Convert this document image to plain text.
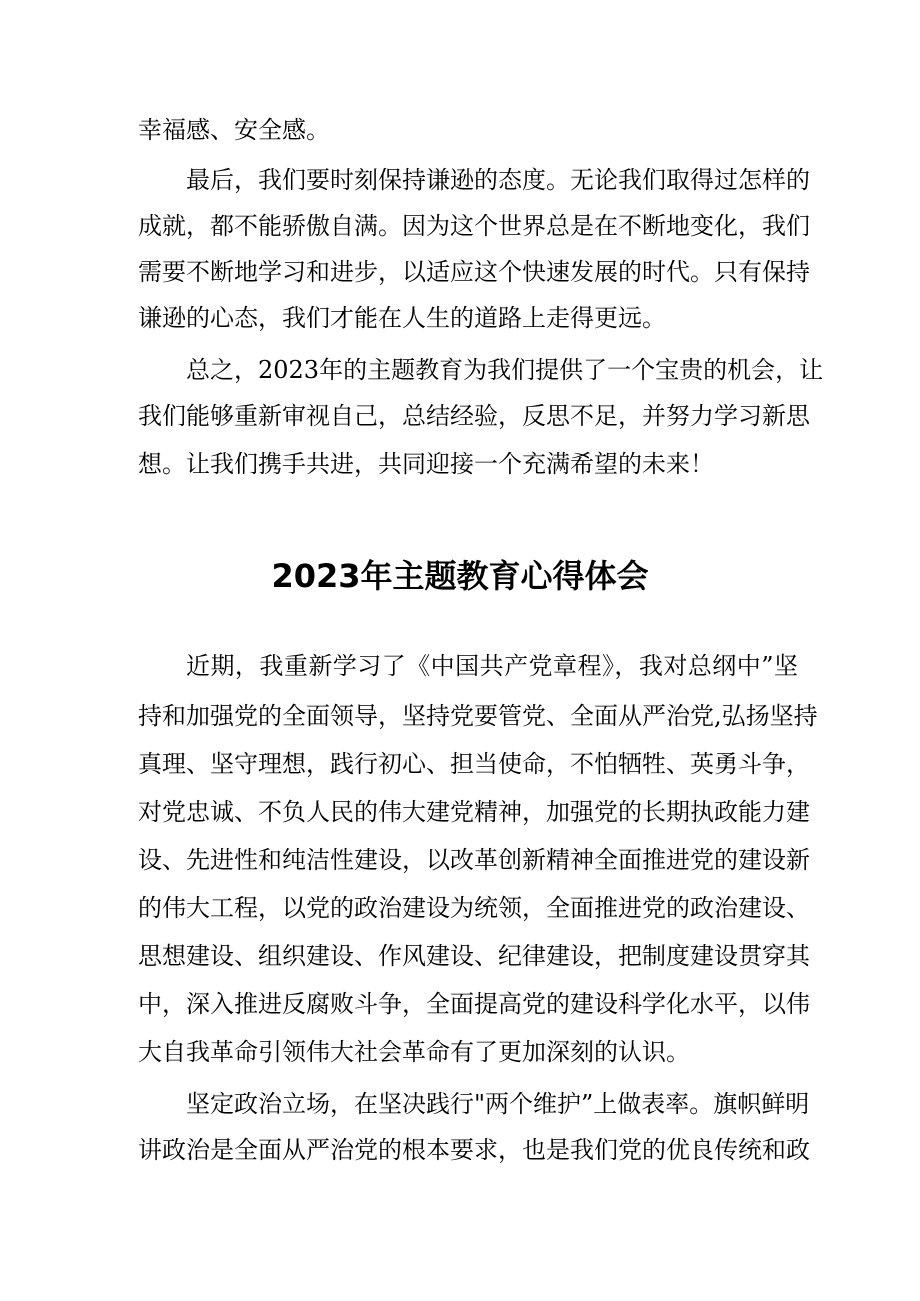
幸福感、安全感。
最后，我们要时刻保持谦逊的态度。无论我们取得过怎样的
成就，都不能骄傲自满。因为这个世界总是在不断地变化，我们
需要不断地学习和进步，以适应这个快速发展的时代。只有保持
谦逊的心态，我们才能在人生的道路上走得更远。
总之，2023年的主题教育为我们提供了一个宝贵的机会，让
我们能够重新审视自己，总结经验，反思不足，并努力学习新思
想。让我们携手共进，共同迎接一个充满希望的未来！
2023年主题教育心得体会
近期，我重新学习了《中国共产党章程》，我对总纲中”坚
持和加强党的全面领导，坚持党要管党、全面从严治党,弘扬坚持
真理、坚守理想，践行初心、担当使命，不怕牺牲、英勇斗争，
对党忠诚、不负人民的伟大建党精神，加强党的长期执政能力建
设、先进性和纯洁性建设，以改革创新精神全面推进党的建设新
的伟大工程，以党的政治建设为统领，全面推进党的政治建设、
思想建设、组织建设、作风建设、纪律建设，把制度建设贯穿其
中，深入推进反腐败斗争，全面提高党的建设科学化水平，以伟
大自我革命引领伟大社会革命有了更加深刻的认识。
坚定政治立场，在坚决践行"两个维护”上做表率。旗帜鲜明
讲政治是全面从严治党的根本要求，也是我们党的优良传统和政
